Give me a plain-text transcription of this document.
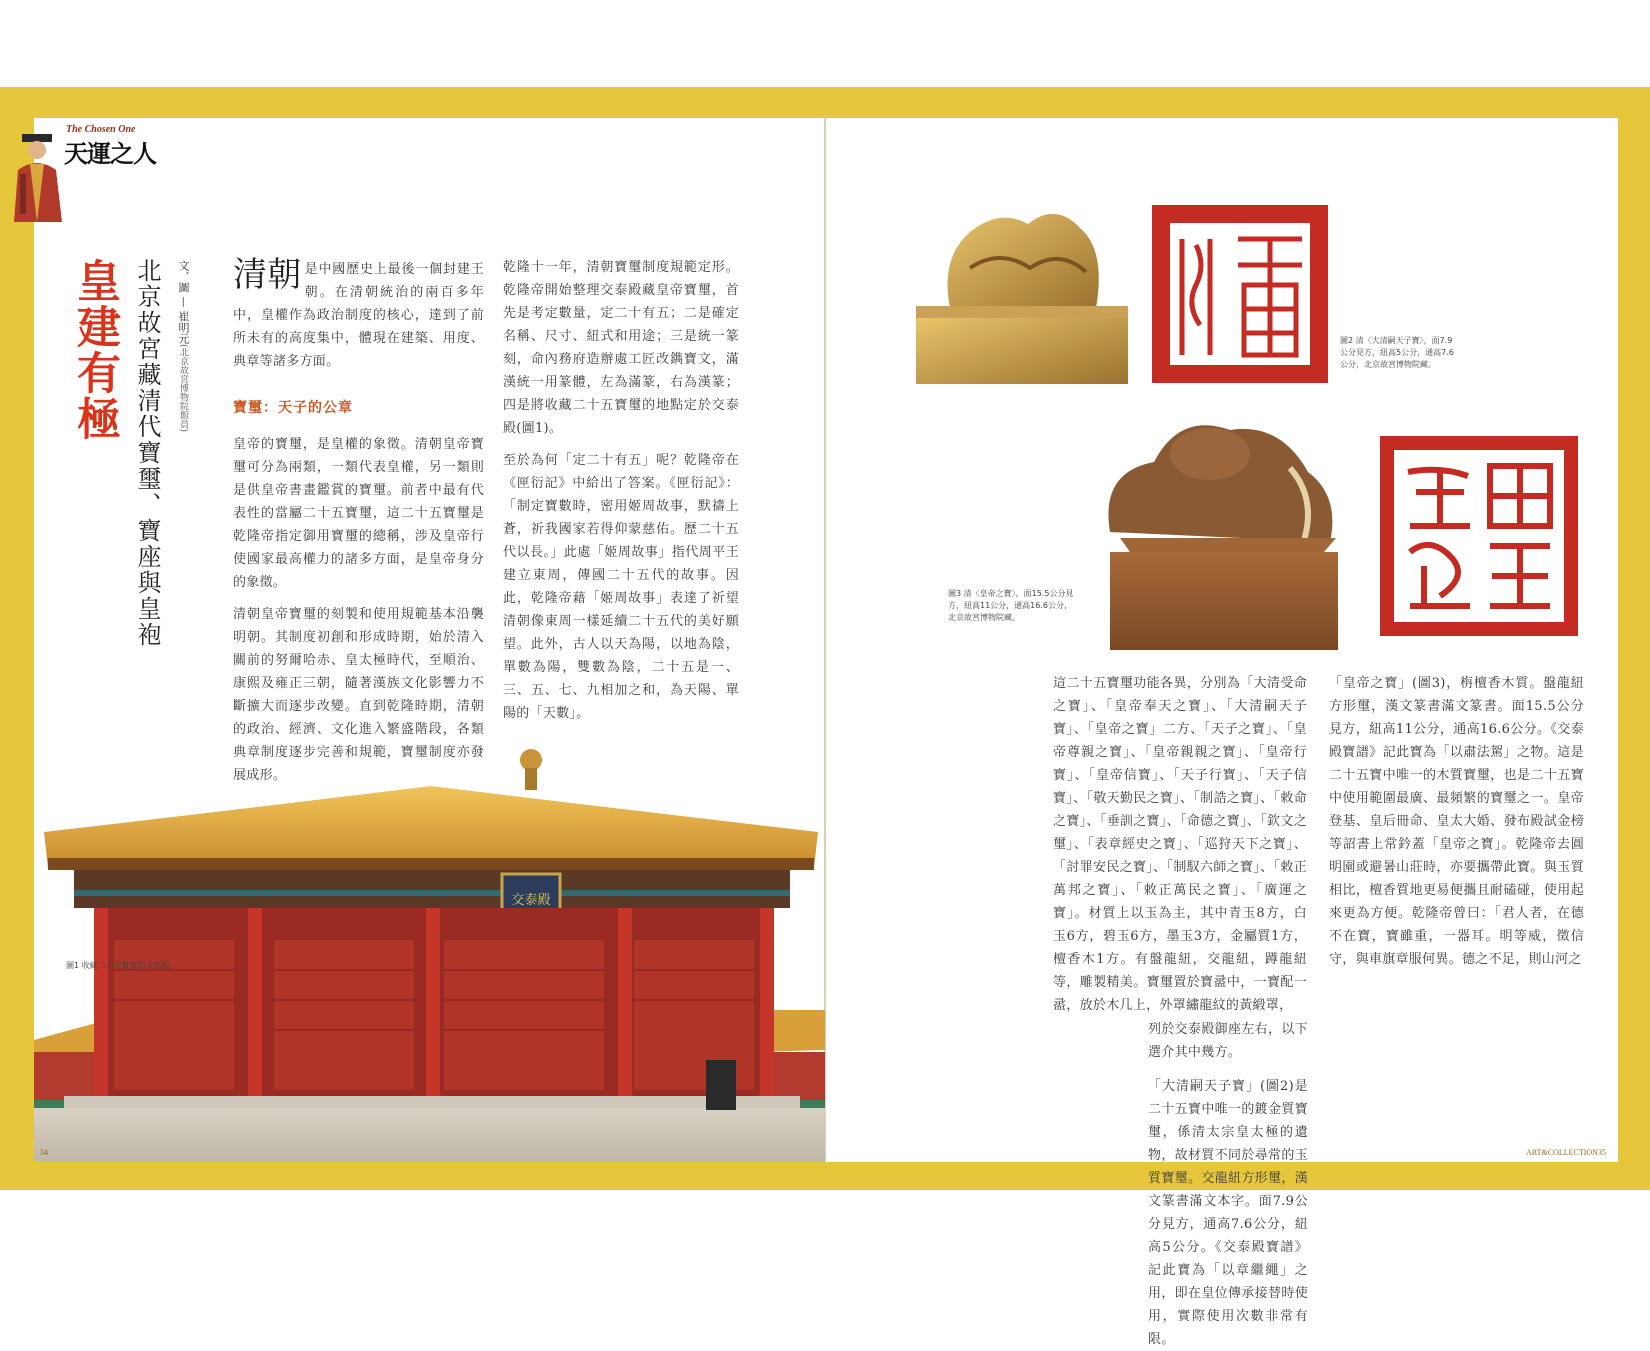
The Chosen One
天運之人
皇建有極 北京故宮藏清代寶璽、寶座與皇袍	文、圖 — 崔明元(北京故宮博物院館員)

清朝 是中國歷史上最後一個封建王朝。在清朝統治的兩百多年中，皇權作為政治制度的核心，達到了前所未有的高度集中，體現在建築、用度、典章等諸多方面。

寶璽：天子的公章

皇帝的寶璽，是皇權的象徵。清朝皇帝寶璽可分為兩類，一類代表皇權，另一類則是供皇帝書畫鑑賞的寶璽。前者中最有代表性的當屬二十五寶璽，這二十五寶璽是乾隆帝指定御用寶璽的總稱，涉及皇帝行使國家最高權力的諸多方面，是皇帝身分的象徵。

清朝皇帝寶璽的刻製和使用規範基本沿襲明朝。其制度初創和形成時期，始於清入關前的努爾哈赤、皇太極時代，至順治、康熙及雍正三朝，隨著漢族文化影響力不斷擴大而逐步改變。直到乾隆時期，清朝的政治、經濟、文化進入繁盛階段，各類典章制度逐步完善和規範，寶璽制度亦發展成形。

乾隆十一年，清朝寶璽制度規範定形。乾隆帝開始整理交泰殿藏皇帝寶璽，首先是考定數量，定二十有五；二是確定名稱、尺寸、紐式和用途；三是統一篆刻，命內務府造辦處工匠改鐫寶文，滿漢統一用篆體，左為滿篆，右為漢篆；四是將收藏二十五寶璽的地點定於交泰殿(圖1)。

至於為何「定二十有五」呢？乾隆帝在《匣衍記》中給出了答案。《匣衍記》：「制定寶數時，密用姬周故事，默禱上蒼，祈我國家若得仰蒙慈佑。歷二十五代以長。」此處「姬周故事」指代周平王建立東周，傳國二十五代的故事。因此，乾隆帝藉「姬周故事」表達了祈望清朝像東周一樣延續二十五代的美好願望。此外，古人以天為陽，以地為陰，單數為陽，雙數為陰，二十五是一、三、五、七、九相加之和，為天陽、單陽的「天數」。

交泰殿
圖1 收藏二十五寶璽的交泰殿。
圖2 清〈大清嗣天子寶〉，面7.9公分見方，紐高5公分，通高7.6公分，北京故宮博物院藏。
圖3 清〈皇帝之寶〉，面15.5公分見方，紐高11公分，通高16.6公分，北京故宮博物院藏。

這二十五寶璽功能各異，分別為「大清受命之寶」、「皇帝奉天之寶」、「大清嗣天子寶」、「皇帝之寶」二方、「天子之寶」、「皇帝尊親之寶」、「皇帝親親之寶」、「皇帝行寶」、「皇帝信寶」、「天子行寶」、「天子信寶」、「敬天勤民之寶」、「制誥之寶」、「敕命之寶」、「垂訓之寶」、「命德之寶」、「欽文之璽」、「表章經史之寶」、「巡狩天下之寶」、「討罪安民之寶」、「制馭六師之寶」、「敕正萬邦之寶」、「敕正萬民之寶」、「廣運之寶」。材質上以玉為主，其中青玉8方，白玉6方，碧玉6方，墨玉3方，金屬質1方，檀香木1方。有盤龍紐，交龍紐，蹲龍紐等，雕製精美。寶璽置於寶盝中，一寶配一盝，放於木几上，外罩繡龍紋的黃緞罩，

列於交泰殿御座左右，以下選介其中幾方。

「大清嗣天子寶」(圖2)是二十五寶中唯一的鍍金質寶璽，係清太宗皇太極的遺物，故材質不同於尋常的玉質寶璽。交龍紐方形璽，漢文篆書滿文本字。面7.9公分見方，通高7.6公分，紐高5公分。《交泰殿寶譜》記此寶為「以章繼繩」之用，即在皇位傳承接替時使用，實際使用次數非常有限。

「皇帝之寶」(圖3)，栴檀香木質。盤龍紐方形璽，漢文篆書滿文篆書。面15.5公分見方，紐高11公分，通高16.6公分。《交泰殿寶譜》記此寶為「以肅法駕」之物。這是二十五寶中唯一的木質寶璽，也是二十五寶中使用範圍最廣、最頻繁的寶璽之一。皇帝登基、皇后冊命、皇太大婚、發布殿試金榜等詔書上常鈐蓋「皇帝之寶」。乾隆帝去圓明園或避暑山莊時，亦要攜帶此寶。與玉質相比，檀香質地更易便攜且耐磕碰，使用起來更為方便。乾隆帝曾曰：「君人者，在德不在寶，寶雖重，一器耳。明等威，徵信守，與車旗章服何異。德之不足，則山河之

34	ART&COLLECTION 35
